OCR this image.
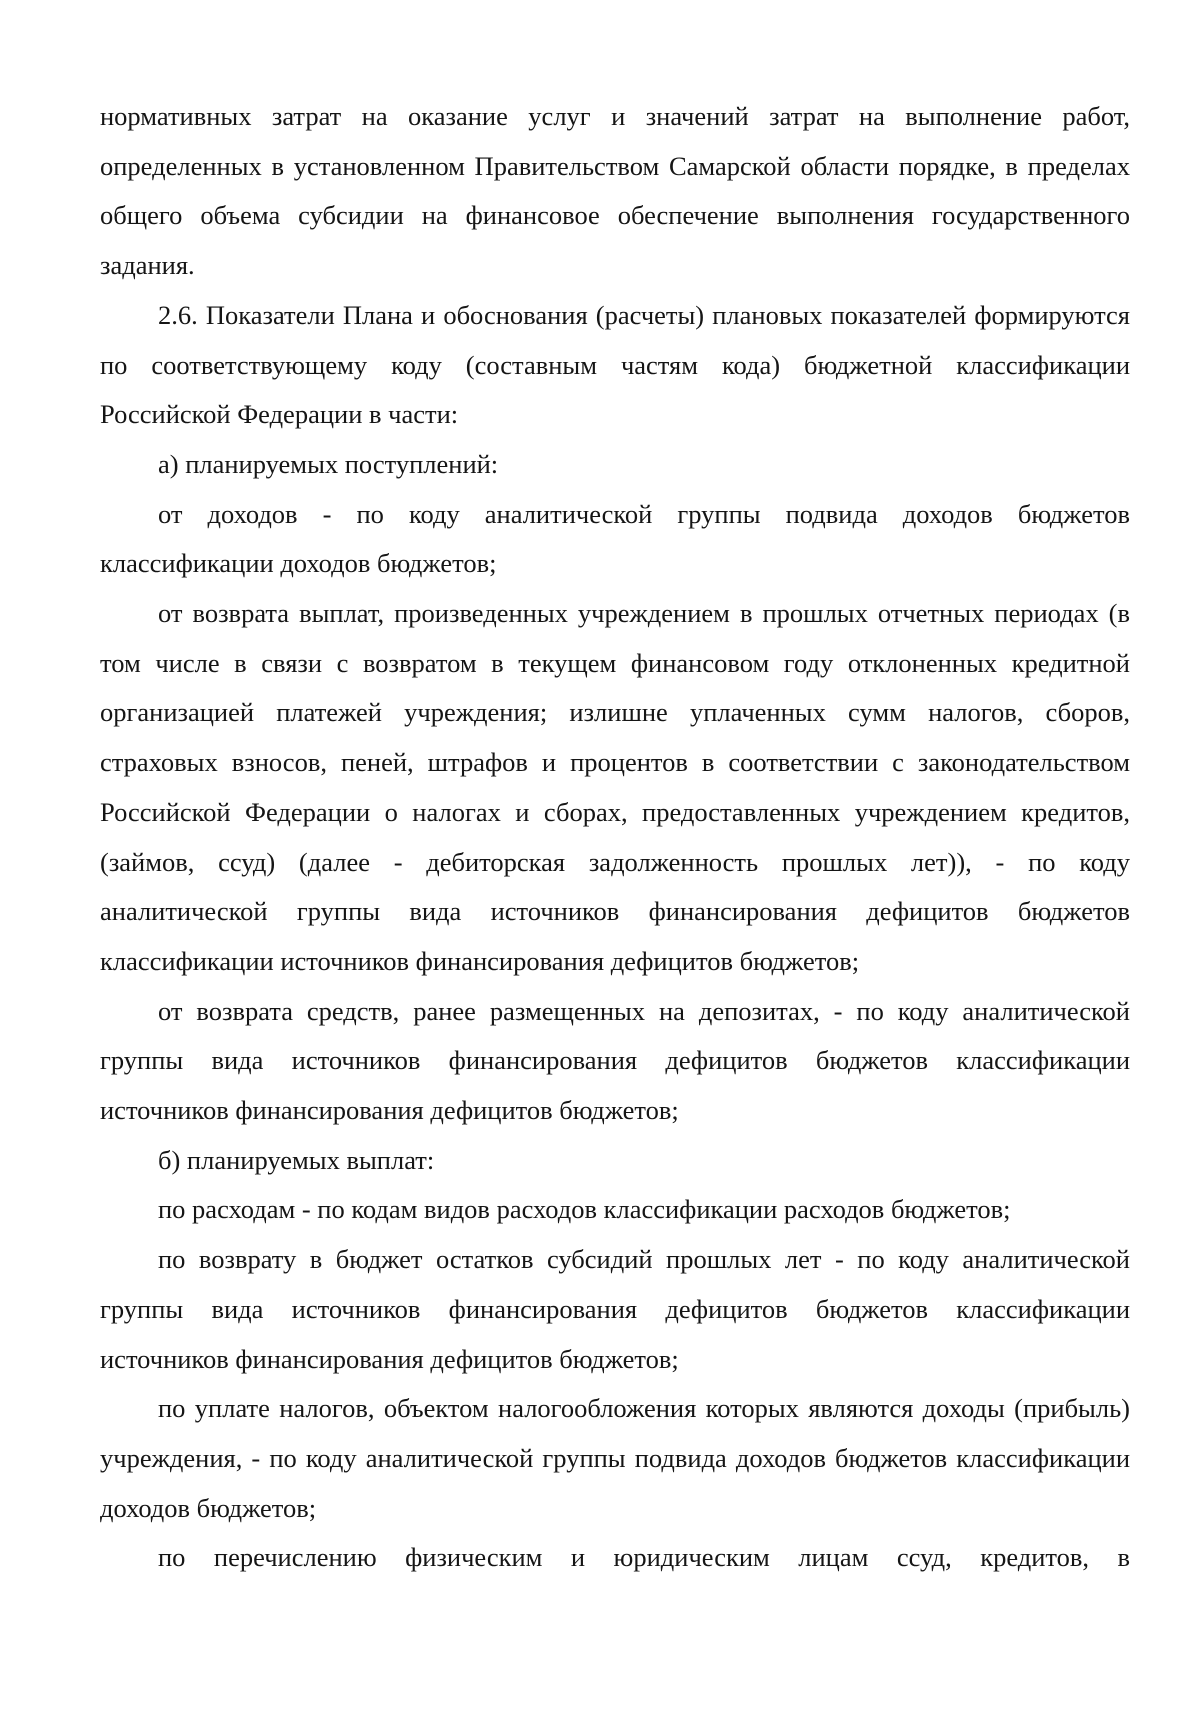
нормативных затрат на оказание услуг и значений затрат на выполнение работ, определенных в установленном Правительством Самарской области порядке, в пределах общего объема субсидии на финансовое обеспечение выполнения государственного задания.

2.6. Показатели Плана и обоснования (расчеты) плановых показателей формируются по соответствующему коду (составным частям кода) бюджетной классификации Российской Федерации в части:

а) планируемых поступлений:

от доходов - по коду аналитической группы подвида доходов бюджетов классификации доходов бюджетов;

от возврата выплат, произведенных учреждением в прошлых отчетных периодах (в том числе в связи с возвратом в текущем финансовом году отклоненных кредитной организацией платежей учреждения; излишне уплаченных сумм налогов, сборов, страховых взносов, пеней, штрафов и процентов в соответствии с законодательством Российской Федерации о налогах и сборах, предоставленных учреждением кредитов, (займов, ссуд) (далее - дебиторская задолженность прошлых лет)), - по коду аналитической группы вида источников финансирования дефицитов бюджетов классификации источников финансирования дефицитов бюджетов;

от возврата средств, ранее размещенных на депозитах, - по коду аналитической группы вида источников финансирования дефицитов бюджетов классификации источников финансирования дефицитов бюджетов;

б) планируемых выплат:

по расходам - по кодам видов расходов классификации расходов бюджетов;

по возврату в бюджет остатков субсидий прошлых лет - по коду аналитической группы вида источников финансирования дефицитов бюджетов классификации источников финансирования дефицитов бюджетов;

по уплате налогов, объектом налогообложения которых являются доходы (прибыль) учреждения, - по коду аналитической группы подвида доходов бюджетов классификации доходов бюджетов;

по перечислению физическим и юридическим лицам ссуд, кредитов, в
